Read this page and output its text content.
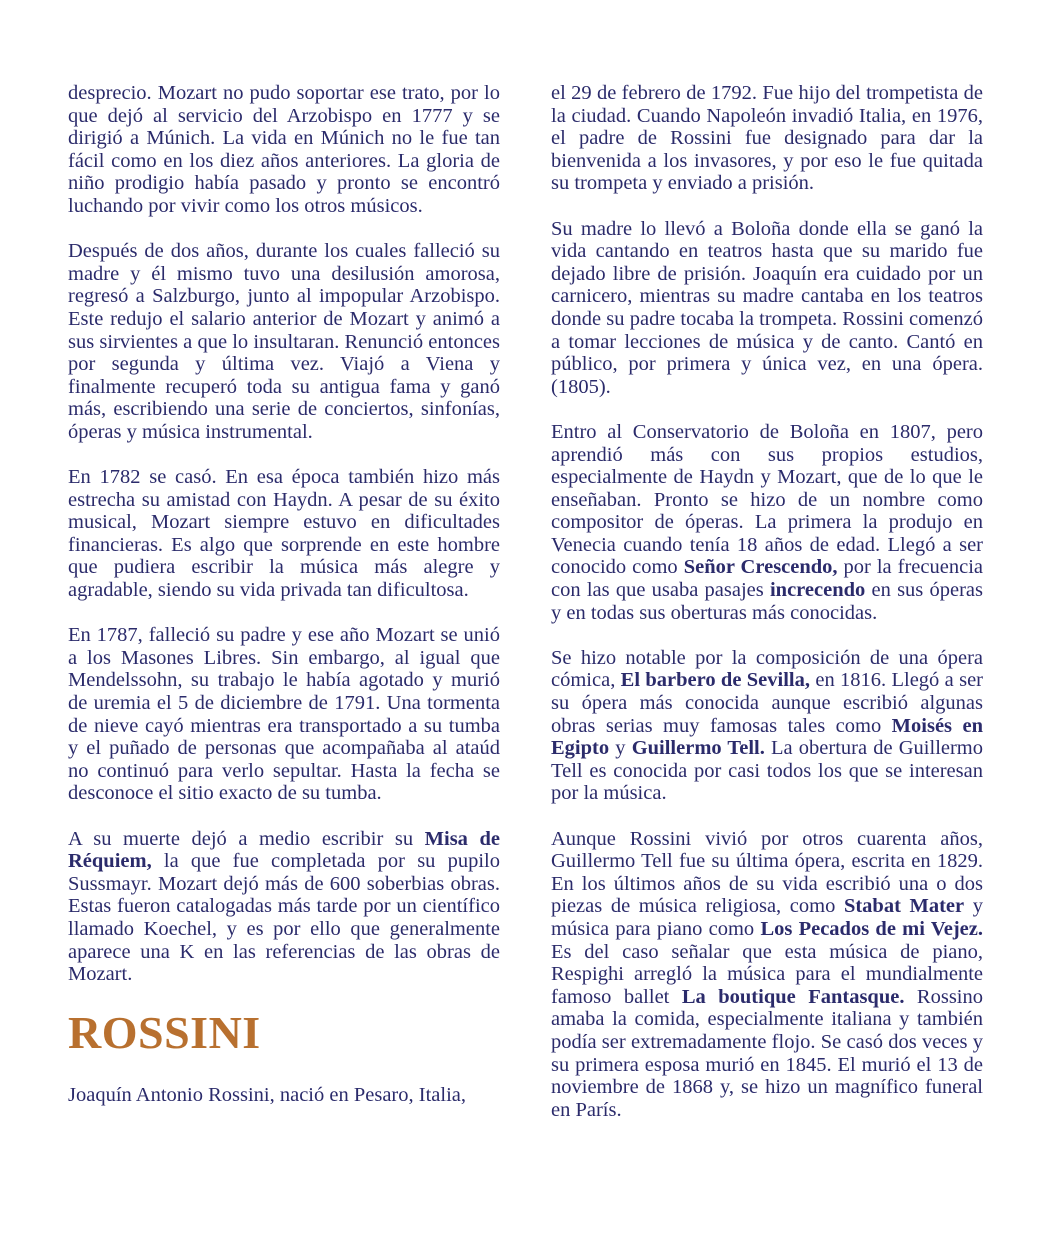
desprecio. Mozart no pudo soportar ese trato, por lo que dejó al servicio del Arzobispo en 1777 y se dirigió a Múnich. La vida en Múnich no le fue tan fácil como en los diez años anteriores. La gloria de niño prodigio había pasado y pronto se encontró luchando por vivir como los otros músicos.

Después de dos años, durante los cuales falleció su madre y él mismo tuvo una desilusión amorosa, regresó a Salzburgo, junto al impopular Arzobispo. Este redujo el salario anterior de Mozart y animó a sus sirvientes a que lo insultaran. Renunció entonces por segunda y última vez. Viajó a Viena y finalmente recuperó toda su antigua fama y ganó más, escribiendo una serie de conciertos, sinfonías, óperas y música instrumental.

En 1782 se casó. En esa época también hizo más estrecha su amistad con Haydn. A pesar de su éxito musical, Mozart siempre estuvo en dificultades financieras. Es algo que sorprende en este hombre que pudiera escribir la música más alegre y agradable, siendo su vida privada tan dificultosa.

En 1787, falleció su padre y ese año Mozart se unió a los Masones Libres. Sin embargo, al igual que Mendelssohn, su trabajo le había agotado y murió de uremia el 5 de diciembre de 1791. Una tormenta de nieve cayó mientras era transportado a su tumba y el puñado de personas que acompañaba al ataúd no continuó para verlo sepultar. Hasta la fecha se desconoce el sitio exacto de su tumba.

A su muerte dejó a medio escribir su Misa de Réquiem, la que fue completada por su pupilo Sussmayr. Mozart dejó más de 600 soberbias obras. Estas fueron catalogadas más tarde por un científico llamado Koechel, y es por ello que generalmente aparece una K en las referencias de las obras de Mozart.

ROSSINI

Joaquín Antonio Rossini, nació en Pesaro, Italia,

el 29 de febrero de 1792. Fue hijo del trompetista de la ciudad. Cuando Napoleón invadió Italia, en 1976, el padre de Rossini fue designado para dar la bienvenida a los invasores, y por eso le fue quitada su trompeta y enviado a prisión.

Su madre lo llevó a Boloña donde ella se ganó la vida cantando en teatros hasta que su marido fue dejado libre de prisión. Joaquín era cuidado por un carnicero, mientras su madre cantaba en los teatros donde su padre tocaba la trompeta. Rossini comenzó a tomar lecciones de música y de canto. Cantó en público, por primera y única vez, en una ópera. (1805).

Entro al Conservatorio de Boloña en 1807, pero aprendió más con sus propios estudios, especialmente de Haydn y Mozart, que de lo que le enseñaban. Pronto se hizo de un nombre como compositor de óperas. La primera la produjo en Venecia cuando tenía 18 años de edad. Llegó a ser conocido como Señor Crescendo, por la frecuencia con las que usaba pasajes increcendo en sus óperas y en todas sus oberturas más conocidas.

Se hizo notable por la composición de una ópera cómica, El barbero de Sevilla, en 1816. Llegó a ser su ópera más conocida aunque escribió algunas obras serias muy famosas tales como Moisés en Egipto y Guillermo Tell. La obertura de Guillermo Tell es conocida por casi todos los que se interesan por la música.

Aunque Rossini vivió por otros cuarenta años, Guillermo Tell fue su última ópera, escrita en 1829. En los últimos años de su vida escribió una o dos piezas de música religiosa, como Stabat Mater y música para piano como Los Pecados de mi Vejez. Es del caso señalar que esta música de piano, Respighi arregló la música para el mundialmente famoso ballet La boutique Fantasque. Rossino amaba la comida, especialmente italiana y también podía ser extremadamente flojo. Se casó dos veces y su primera esposa murió en 1845. El murió el 13 de noviembre de 1868 y, se hizo un magnífico funeral en París.
